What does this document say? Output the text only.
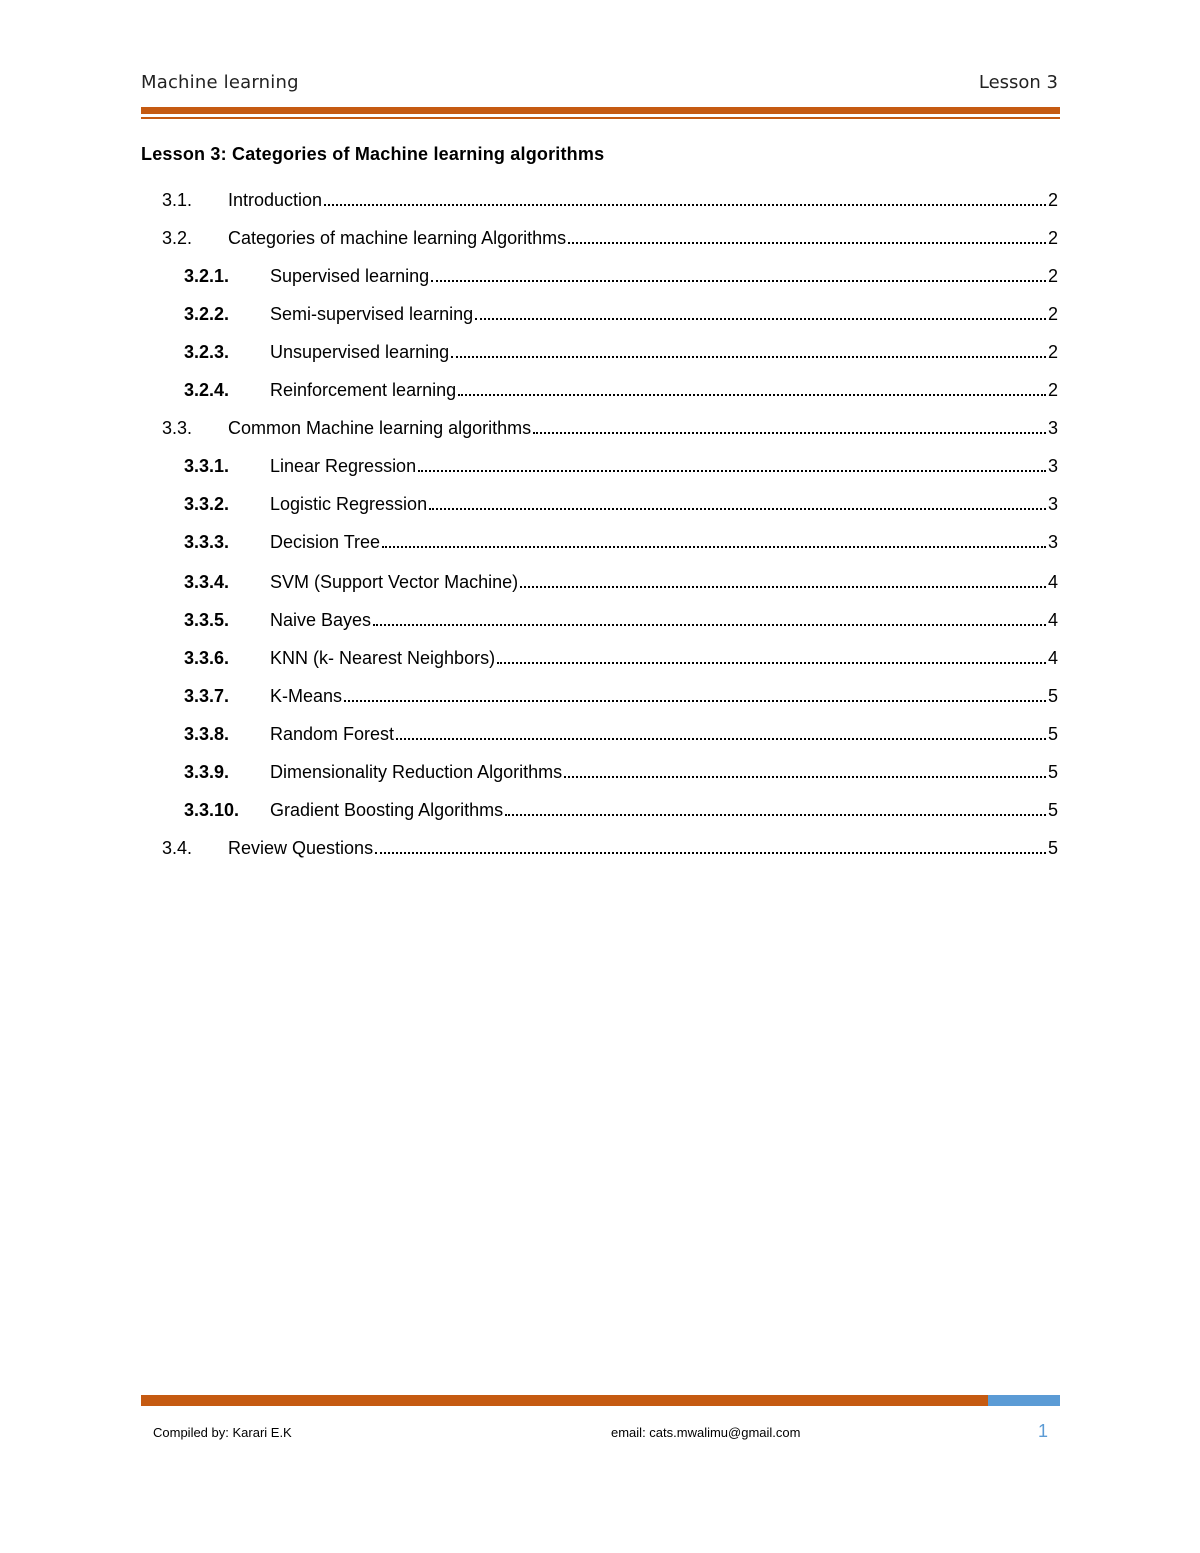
Machine learning	Lesson 3
Lesson 3: Categories of Machine learning algorithms
3.1.	Introduction	2
3.2.	Categories of machine learning Algorithms	2
3.2.1.	Supervised learning	2
3.2.2.	Semi-supervised learning	2
3.2.3.	Unsupervised learning	2
3.2.4.	Reinforcement learning	2
3.3.	Common Machine learning algorithms	3
3.3.1.	Linear Regression	3
3.3.2.	Logistic Regression	3
3.3.3.	Decision Tree	3
3.3.4.	SVM (Support Vector Machine)	4
3.3.5.	Naive Bayes	4
3.3.6.	KNN (k- Nearest Neighbors)	4
3.3.7.	K-Means	5
3.3.8.	Random Forest	5
3.3.9.	Dimensionality Reduction Algorithms	5
3.3.10.	Gradient Boosting Algorithms	5
3.4.	Review Questions	5
Compiled by: Karari E.K	email: cats.mwalimu@gmail.com	1
